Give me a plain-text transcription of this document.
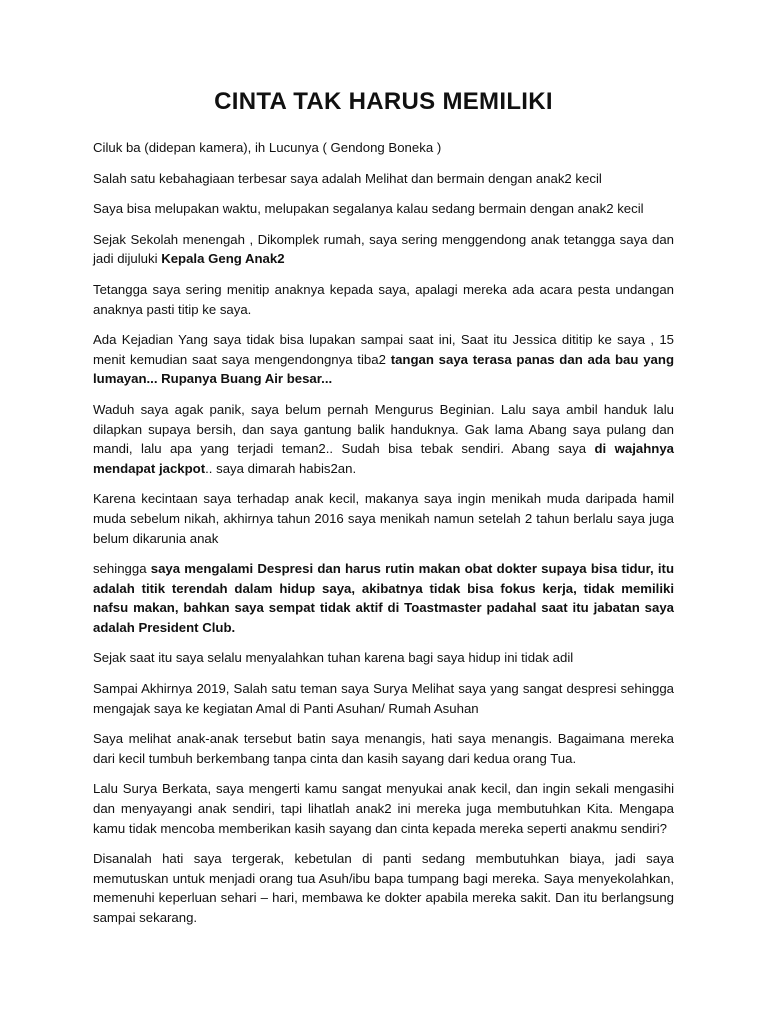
CINTA TAK HARUS MEMILIKI

Ciluk ba (didepan kamera), ih Lucunya ( Gendong Boneka )

Salah satu kebahagiaan terbesar saya adalah Melihat dan bermain dengan anak2 kecil

Saya bisa melupakan waktu, melupakan segalanya kalau sedang bermain dengan anak2 kecil

Sejak Sekolah menengah , Dikomplek rumah, saya sering menggendong anak tetangga saya dan jadi dijuluki Kepala Geng Anak2

Tetangga saya sering menitip anaknya kepada saya, apalagi mereka ada acara pesta undangan anaknya pasti titip ke saya.

Ada Kejadian Yang saya tidak bisa lupakan sampai saat ini, Saat itu Jessica dititip ke saya , 15 menit kemudian saat saya mengendongnya tiba2 tangan saya terasa panas dan ada bau yang lumayan... Rupanya Buang Air besar...

Waduh saya agak panik, saya belum pernah Mengurus Beginian. Lalu saya ambil handuk lalu dilapkan supaya bersih, dan saya gantung balik handuknya. Gak lama Abang saya pulang dan mandi, lalu apa yang terjadi teman2.. Sudah bisa tebak sendiri. Abang saya di wajahnya mendapat jackpot.. saya dimarah habis2an.

Karena kecintaan saya terhadap anak kecil, makanya saya ingin menikah muda daripada hamil muda sebelum nikah, akhirnya tahun 2016 saya menikah namun setelah 2 tahun berlalu saya juga belum dikarunia anak

sehingga saya mengalami Despresi dan harus rutin makan obat dokter supaya bisa tidur, itu adalah titik terendah dalam hidup saya, akibatnya tidak bisa fokus kerja, tidak memiliki nafsu makan, bahkan saya sempat tidak aktif di Toastmaster padahal saat itu jabatan saya adalah President Club.

Sejak saat itu saya selalu menyalahkan tuhan karena bagi saya hidup ini tidak adil

Sampai Akhirnya 2019, Salah satu teman saya Surya Melihat saya yang sangat despresi sehingga mengajak saya ke kegiatan Amal di Panti Asuhan/ Rumah Asuhan

Saya melihat anak-anak tersebut batin saya menangis, hati saya menangis. Bagaimana mereka dari kecil tumbuh berkembang tanpa cinta dan kasih sayang dari kedua orang Tua.

Lalu Surya Berkata, saya mengerti kamu sangat menyukai anak kecil, dan ingin sekali mengasihi dan menyayangi anak sendiri, tapi lihatlah anak2 ini mereka juga membutuhkan Kita. Mengapa kamu tidak mencoba memberikan kasih sayang dan cinta kepada mereka seperti anakmu sendiri?

Disanalah hati saya tergerak, kebetulan di panti sedang membutuhkan biaya, jadi saya memutuskan untuk menjadi orang tua Asuh/ibu bapa tumpang bagi mereka. Saya menyekolahkan, memenuhi keperluan sehari – hari, membawa ke dokter apabila mereka sakit. Dan itu berlangsung sampai sekarang.
